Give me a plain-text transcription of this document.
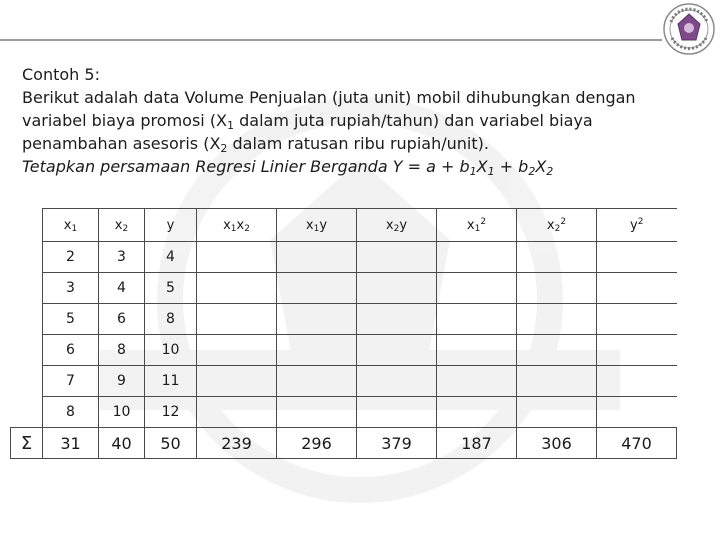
Contoh 5:
Berikut adalah data Volume Penjualan (juta unit) mobil dihubungkan dengan
variabel biaya promosi ($X_1$ dalam juta rupiah/tahun) dan variabel biaya
penambahan asesoris ($X_2$ dalam ratusan ribu rupiah/unit).
Tetapkan persamaan Regresi Linier Berganda $Y = a + b_1X_1 + b_2X_2$
	$x_1$	$x_2$	y	$x_1x_2$	$x_1y$	$x_2y$	$x_1^2$	$x_2^2$	$y^2$
	2	3	4						
	3	4	5						
	5	6	8						
	6	8	10						
	7	9	11						
	8	10	12						
Σ	31	40	50	239	296	379	187	306	470
